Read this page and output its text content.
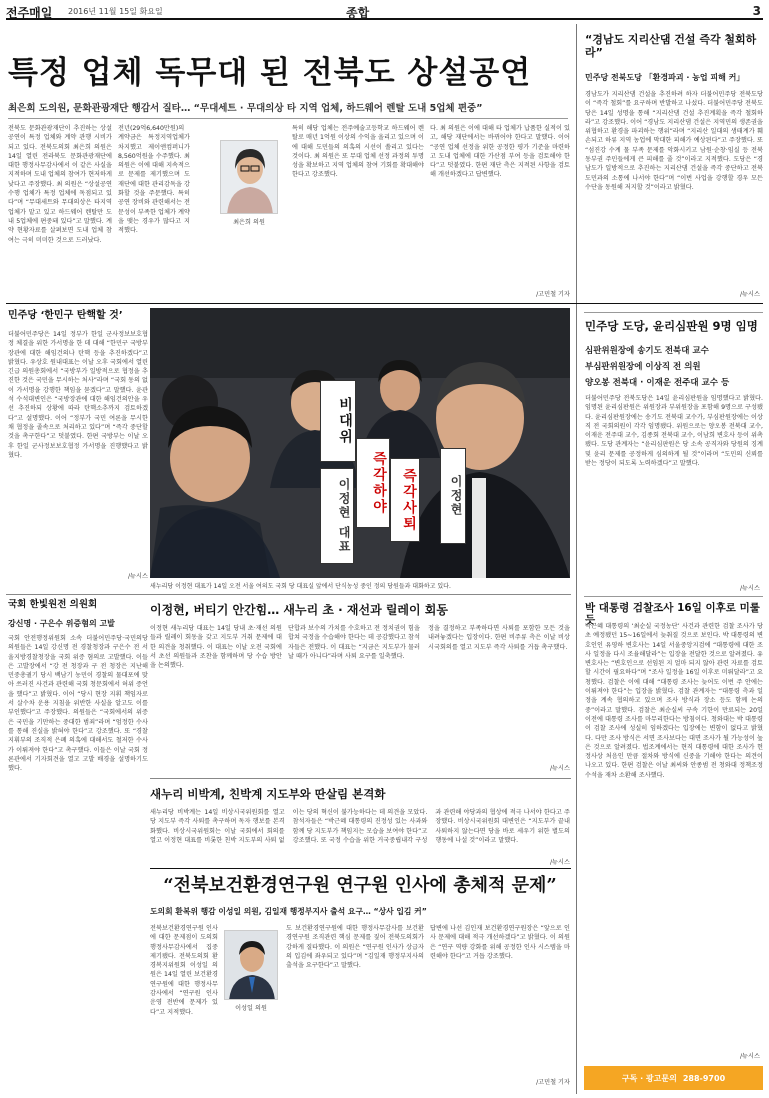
전주매일 2016년 11월 15일 화요일	종합	3
특정 업체 독무대 된 전북도 상설공연
최은희 도의원, 문화관광재단 행감서 질타… “무대세트 · 무대의상 타 지역 업체, 하드웨어 렌탈 도내 5업체 편중”
전북도 문화관광재단이 추진하는 상설공연이 특정 업체와 계약 관행 시비가 되고 있다. 전북도의회 최은희 의원은 14일 열린 전라북도 문화관광재단에 대한 행정사무감사에서 이 같은 사실을 지적하며 도내 업체의 참여가 현저하게 낮다고 주장했다. 최 의원은 “상설공연 수행 업체가 특정 업체에 독점되고 있다”며 “무대세트와 무대의상은 타지역 업체가 맡고 있고 하드웨어 렌탈만 도내 5업체에 편중돼 있다”고 말했다. 계약 현황자료를 살펴보면 도내 업체 참여는 극히 미미한 것으로 드러났다.
전년(29억6,640만원)의 계약금은 특정지역업체가 차지했고 제이앤컴퍼니가 8,560억원을 수주했다. 최 의원은 이에 대해 지속적으로 문제를 제기했으며 도 재단에 대한 관리감독을 강화할 것을 주문했다. 특히 공연 장비와 관련해서는 전문성이 부족한 업체가 계약을 맺는 경우가 많다고 지적했다.
최은희 의원
특히 해당 업체는 전주예술고등학교 하드웨어 렌탈로 매년 1억원 이상의 수익을 올리고 있으며 이에 대해 도민들의 의혹의 시선이 쏠리고 있다는 것이다. 최 의원은 또 무대 업체 선정 과정의 투명성을 확보하고 지역 업체의 참여 기회를 확대해야 한다고 강조했다.
다. 최 의원은 이에 대해 타 업체가 납품한 실적이 있고, 해당 재단에서는 바뀌어야 한다고 말했다. 이어 “공연 업체 선정을 위한 공정한 평가 기준을 마련하고 도내 업체에 대한 가산점 부여 등을 검토해야 한다”고 덧붙였다. 한편 재단 측은 지적된 사항을 검토해 개선하겠다고 답변했다.
/고민철 기자
“경남도 지리산댐 건설 즉각 철회하라”
민주당 전북도당 「환경파괴 · 농업 피해 커」
경남도가 지리산댐 건설을 추진하려 하자 더불어민주당 전북도당이 “즉각 철회”를 요구하며 반발하고 나섰다. 더불어민주당 전북도당은 14일 성명을 통해 “지리산댐 건설 추진계획을 즉각 철회하라”고 강조했다. 이어 “경남도 지리산댐 건설은 지역민의 생존권을 위협하고 환경을 파괴하는 행위”라며 “지리산 일대의 생태계가 훼손되고 하류 지역 농업에 막대한 피해가 예상된다”고 주장했다. 또 “섬진강 수계 물 부족 문제를 악화시키고 남원·순창·임실 등 전북 동부권 주민들에게 큰 피해를 줄 것”이라고 지적했다. 도당은 “경남도가 일방적으로 추진하는 지리산댐 건설을 즉각 중단하고 전북도민과의 소통에 나서야 한다”며 “이번 사업을 강행할 경우 모든 수단을 동원해 저지할 것”이라고 밝혔다.
/뉴시스
민주당 ‘한민구 탄핵할 것’
더불어민주당은 14일 정부가 한일 군사정보보호협정 체결을 위한 가서명을 한 데 대해 “한민구 국방부 장관에 대한 해임건의나 탄핵 등을 추진하겠다”고 밝혔다. 우상호 원내대표는 이날 오후 국회에서 열린 긴급 의원총회에서 “국방부가 일방적으로 협정을 추진한 것은 국민을 무시하는 처사”라며 “국회 동의 없이 가서명을 강행한 책임을 묻겠다”고 말했다. 윤관석 수석대변인은 “국방장관에 대한 해임건의안을 우선 추진하되 상황에 따라 탄핵소추까지 검토하겠다”고 설명했다. 이어 “정부가 국민 여론을 무시한 채 협정을 졸속으로 처리하고 있다”며 “즉각 중단할 것을 촉구한다”고 덧붙였다. 한편 국방부는 이날 오후 한일 군사정보보호협정 가서명을 진행했다고 밝혔다.
/뉴시스
비대위
즉각하야
이정현 대표	즉각사퇴	이정현
새누리당 이정현 대표가 14일 오전 서울 여의도 국회 당 대표실 앞에서 단식농성 중인 정의 당원들과 대화하고 있다.
민주당 도당, 윤리심판원 9명 임명
심판위원장에 송기도 전북대 교수
부심판위원장에 이상직 전 의원
양오봉 전북대 · 이재운 전주대 교수 등
더불어민주당 전북도당은 14일 윤리심판원을 임명했다고 밝혔다. 임명된 윤리심판원은 위원장과 부위원장을 포함해 9명으로 구성됐다. 윤리심판원장에는 송기도 전북대 교수가, 부심판원장에는 이상직 전 국회의원이 각각 임명됐다. 위원으로는 양오봉 전북대 교수, 이재운 전주대 교수, 김종회 전북대 교수, 이남희 변호사 등이 위촉됐다. 도당 관계자는 “윤리심판원은 당 소속 공직자와 당원의 징계 및 윤리 문제를 공정하게 심의하게 될 것”이라며 “도민의 신뢰를 받는 정당이 되도록 노력하겠다”고 말했다.
/뉴시스
국회 한빛원전 의원회
강신명 · 구은수 위증혐의 고발
국회 안전행정위원회 소속 더불어민주당·국민의당 의원들은 14일 강신명 전 경찰청장과 구은수 전 서울지방경찰청장을 국회 위증 혐의로 고발했다. 이들은 고발장에서 “강 전 청장과 구 전 청장은 지난해 민중총궐기 당시 백남기 농민이 경찰의 물대포에 맞아 쓰러진 사건과 관련해 국회 청문회에서 허위 증언을 했다”고 밝혔다. 이어 “당시 현장 지휘 책임자로서 살수차 운용 지침을 위반한 사실을 알고도 이를 부인했다”고 주장했다. 의원들은 “국회에서의 위증은 국민을 기만하는 중대한 범죄”라며 “엄정한 수사를 통해 진실을 밝혀야 한다”고 강조했다. 또 “경찰 지휘부의 조직적 은폐 의혹에 대해서도 철저한 수사가 이뤄져야 한다”고 촉구했다. 이들은 이날 국회 정론관에서 기자회견을 열고 고발 배경을 설명하기도 했다.
이정현, 버티기 안간힘… 새누리 초 · 재선과 릴레이 회동
이정현 새누리당 대표는 14일 당내 초·재선 의원들과 릴레이 회동을 갖고 지도부 거취 문제에 대한 의견을 청취했다. 이 대표는 이날 오전 국회에서 초선 의원들과 조찬을 함께하며 당 수습 방안을 논의했다.
단합과 보수의 가치를 수호하고 전 정치권이 힘을 합쳐 국정을 수습해야 한다는 데 공감했다고 참석자들은 전했다. 이 대표는 “지금은 지도부가 물러날 때가 아니다”라며 사퇴 요구를 일축했다.
정을 결정하고 부족하다면 사퇴를 포함한 모든 것을 내려놓겠다는 입장이다. 한편 비주류 측은 이날 비상시국회의를 열고 지도부 즉각 사퇴를 거듭 촉구했다.
/뉴시스
새누리 비박계, 친박계 지도부와 딴살림 본격화
새누리당 비박계는 14일 비상시국위원회를 열고 당 지도부 즉각 사퇴를 촉구하며 독자 행보를 본격화했다. 비상시국위원회는 이날 국회에서 회의를 열고 이정현 대표를 비롯한 친박 지도부의 사퇴 없이는 당의 혁신이 불가능하다는 데 의견을 모았다. 참석자들은 “박근혜 대통령의 진정성 있는 사과와 함께 당 지도부가 책임지는 모습을 보여야 한다”고 강조했다. 또 국정 수습을 위한 거국중립내각 구성과 관련해 야당과의 협상에 적극 나서야 한다고 주장했다. 비상시국위원회 대변인은 “지도부가 끝내 사퇴하지 않는다면 당을 바로 세우기 위한 별도의 행동에 나설 것”이라고 말했다.
/뉴시스
박 대통령 검찰조사 16일 이후로 미룰 듯
박근혜 대통령의 ‘최순실 국정농단’ 사건과 관련한 검찰 조사가 당초 예정됐던 15~16일에서 늦춰질 것으로 보인다. 박 대통령의 변호인인 유영하 변호사는 14일 서울중앙지검에 “대통령에 대한 조사 일정을 다시 조율해달라”는 입장을 전달한 것으로 알려졌다. 유 변호사는 “변호인으로 선임된 지 얼마 되지 않아 관련 자료를 검토할 시간이 필요하다”며 “조사 일정을 16일 이후로 미뤄달라”고 요청했다. 검찰은 이에 대해 “대통령 조사는 늦어도 이번 주 안에는 이뤄져야 한다”는 입장을 밝혔다. 검찰 관계자는 “대통령 측과 일정을 계속 협의하고 있으며 조사 방식과 장소 등도 함께 논의 중”이라고 말했다. 검찰은 최순실씨 구속 기한이 만료되는 20일 이전에 대통령 조사를 마무리한다는 방침이다. 청와대는 박 대통령이 검찰 조사에 성실히 임하겠다는 입장에는 변함이 없다고 밝혔다. 다만 조사 방식은 서면 조사보다는 대면 조사가 될 가능성이 높은 것으로 알려졌다. 법조계에서는 현직 대통령에 대한 조사가 헌정사상 처음인 만큼 절차와 방식에 신중을 기해야 한다는 의견이 나오고 있다. 한편 검찰은 이날 최씨와 안종범 전 청와대 정책조정수석을 재차 소환해 조사했다.
/뉴시스
“전북보건환경연구원 연구원 인사에 총체적 문제”
도의회 환복위 행감 이성일 의원, 김일재 행정부지사 출석 요구… “상사 입김 커”
전북보건환경연구원 인사에 대한 문제점이 도의회 행정사무감사에서 집중 제기됐다. 전북도의회 환경복지위원회 이성일 의원은 14일 열린 보건환경연구원에 대한 행정사무감사에서 “연구원 인사 운영 전반에 문제가 있다”고 지적했다.
이성일 의원
도 보건환경연구원에 대한 행정사무감사를 보건환경연구원 조직관련 핵심 문제를 짚어 전북도의회가 강하게 질타했다. 이 의원은 “연구원 인사가 상급자의 입김에 좌우되고 있다”며 “김일재 행정부지사의 출석을 요구한다”고 말했다.
답변에 나선 김인재 보건환경연구원장은 “앞으로 인사 문제에 대해 적극 개선하겠다”고 밝혔다. 이 의원은 “연구 역량 강화를 위해 공정한 인사 시스템을 마련해야 한다”고 거듭 강조했다.
/고민철 기자	구독 · 광고문의 288-9700
